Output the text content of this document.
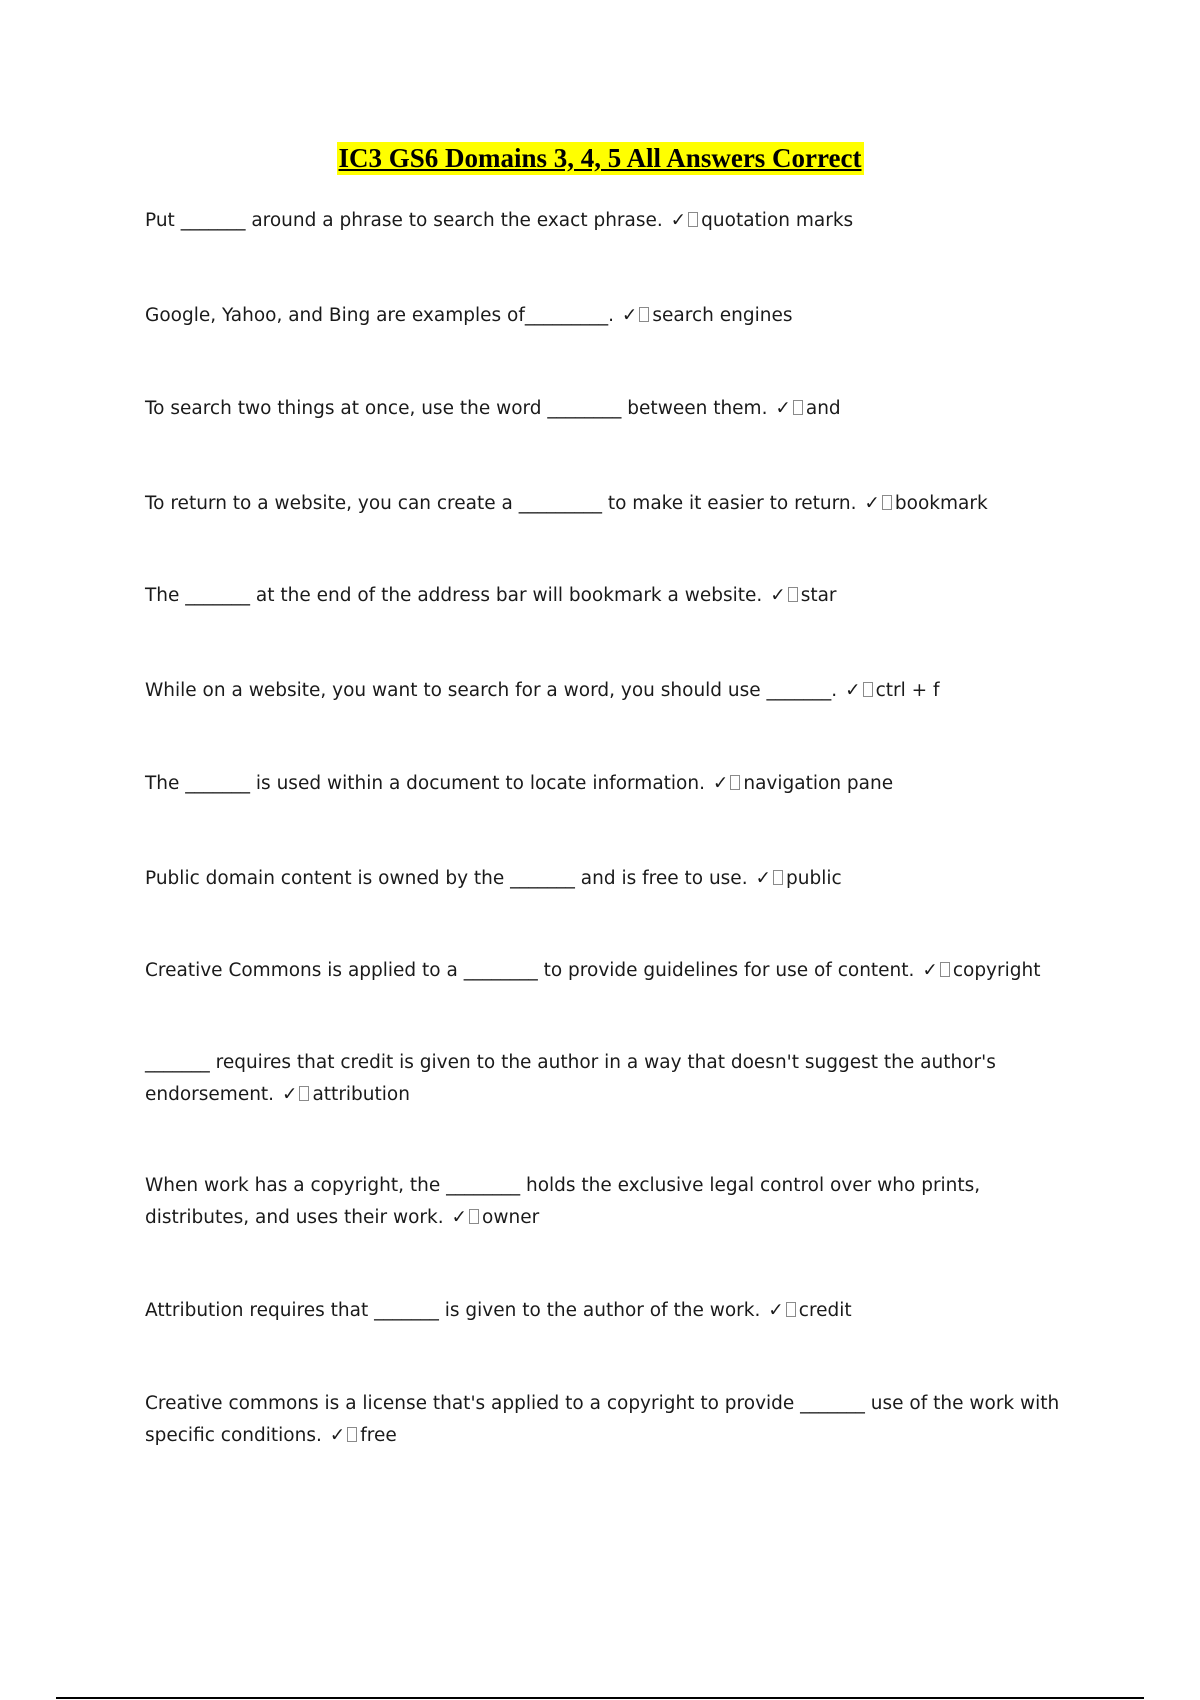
IC3 GS6 Domains 3, 4, 5 All Answers Correct
Put _______ around a phrase to search the exact phrase. ✓ quotation marks
Google, Yahoo, and Bing are examples of_________. ✓ search engines
To search two things at once, use the word ________ between them. ✓ and
To return to a website, you can create a _________ to make it easier to return. ✓ bookmark
The _______ at the end of the address bar will bookmark a website. ✓ star
While on a website, you want to search for a word, you should use _______. ✓ ctrl + f
The _______ is used within a document to locate information. ✓ navigation pane
Public domain content is owned by the _______ and is free to use. ✓ public
Creative Commons is applied to a ________ to provide guidelines for use of content. ✓ copyright
_______ requires that credit is given to the author in a way that doesn't suggest the author's endorsement. ✓ attribution
When work has a copyright, the ________ holds the exclusive legal control over who prints, distributes, and uses their work. ✓ owner
Attribution requires that _______ is given to the author of the work. ✓ credit
Creative commons is a license that's applied to a copyright to provide _______ use of the work with specific conditions. ✓ free
